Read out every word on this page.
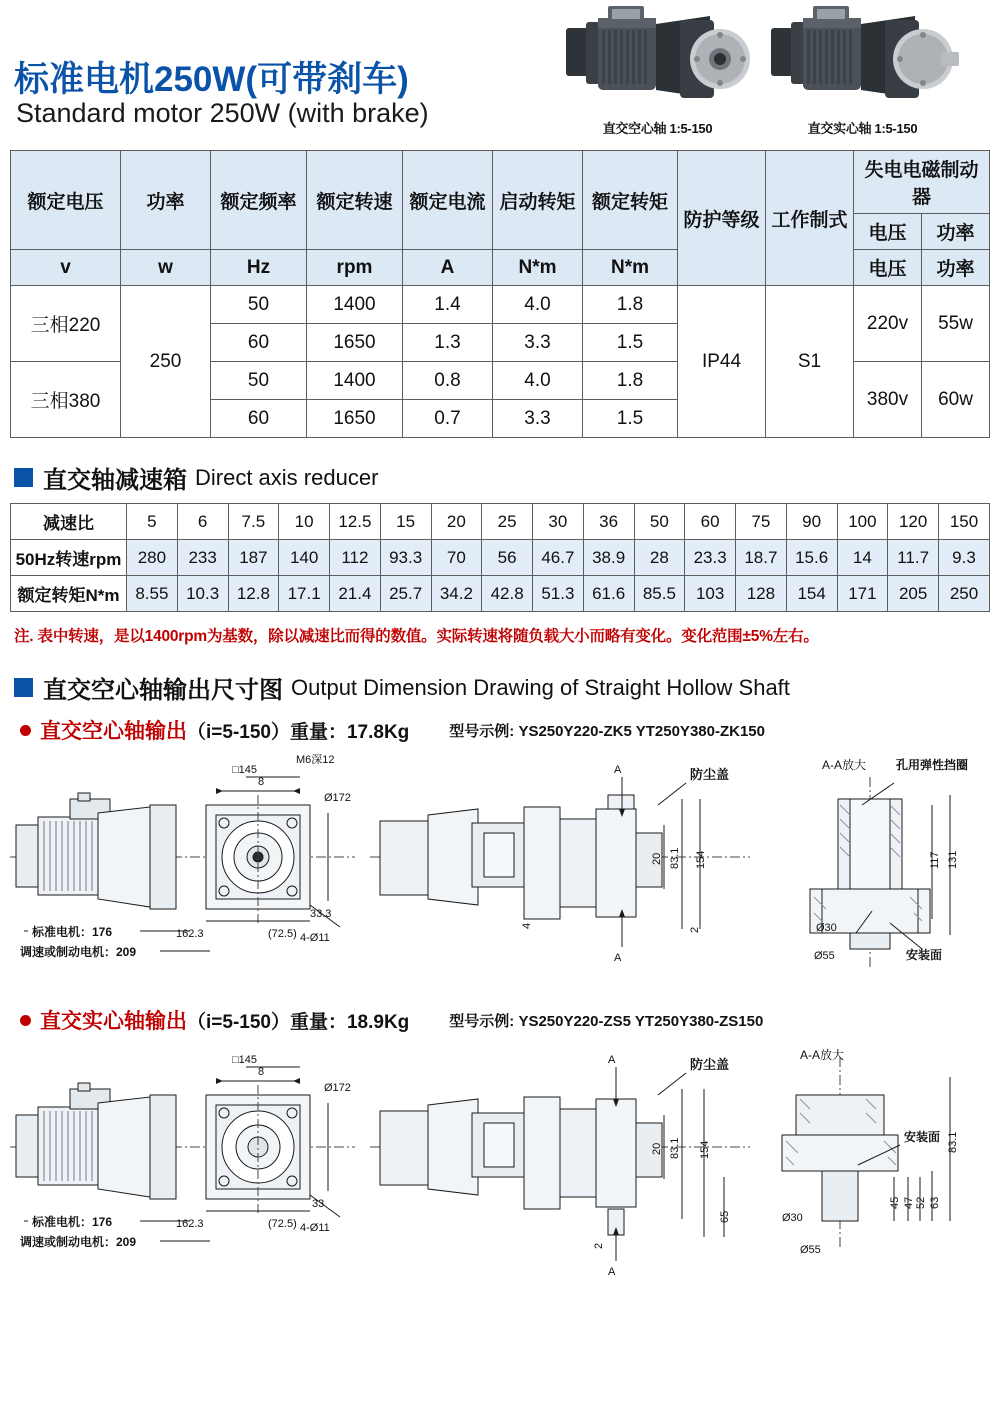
标准电机250W(可带刹车)
Standard motor 250W (with brake)
直交空心轴 1:5-150	直交实心轴 1:5-150
额定电压	功率	额定频率	额定转速	额定电流	启动转矩	额定转矩	防护等级	工作制式	失电电磁制动器	
									电压	功率
v	w	Hz	rpm	A	N*m	N*m			电压	功率
三相220	250	50	1400	1.4	4.0	1.8	IP44	S1	220v	55w
		60	1650	1.3	3.3	1.5				
三相380		50	1400	0.8	4.0	1.8			380v	60w
		60	1650	0.7	3.3	1.5				
直交轴减速箱 Direct axis reducer
减速比	5	6	7.5	10	12.5	15	20	25	30	36	50	60	75	90	100	120	150
50Hz转速rpm	280	233	187	140	112	93.3	70	56	46.7	38.9	28	23.3	18.7	15.6	14	11.7	9.3
额定转矩N*m	8.55	10.3	12.8	17.1	21.4	25.7	34.2	42.8	51.3	61.6	85.5	103	128	154	171	205	250
注. 表中转速，是以1400rpm为基数，除以减速比而得的数值。实际转速将随负载大小而略有变化。变化范围±5%左右。
直交空心轴输出尺寸图 Output Dimension Drawing of Straight Hollow Shaft
直交空心轴输出 （i=5-150）重量：17.8Kg	型号示例: YS250Y220-ZK5 YT250Y380-ZK150
□145
M6深12
8
Ø172
33.3
4-Ø11
162.3	(72.5)
标准电机：176
调速或制动电机：209
A
A
防尘盖
154
83.1
20
4
2
A-A放大 孔用弹性挡圈
131
117
Ø30
Ø55	安装面
直交实心轴输出 （i=5-150）重量：18.9Kg	型号示例: YS250Y220-ZS5 YT250Y380-ZS150
□145
8
Ø172
33
4-Ø11
162.3	(72.5)
标准电机：176
调速或制动电机：209
A
A
防尘盖
154
83.1
20
65
2
A-A放大
83.1
Ø30
Ø55
45 47 52 63
安装面
